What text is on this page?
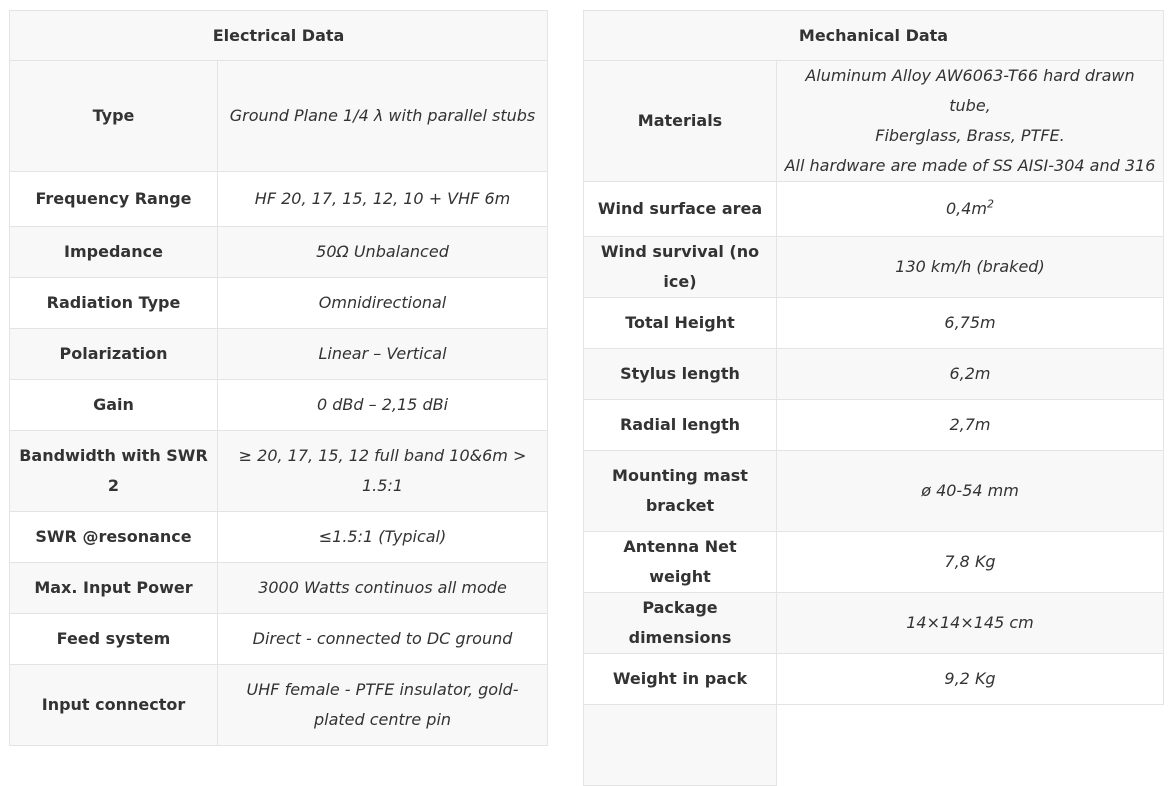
Electrical Data	
Type	Ground Plane 1/4 λ with parallel stubs
Frequency Range	HF 20, 17, 15, 12, 10 + VHF 6m
Impedance	50Ω Unbalanced
Radiation Type	Omnidirectional
Polarization	Linear – Vertical
Gain	0 dBd – 2,15 dBi
Bandwidth with SWR 2	≥ 20, 17, 15, 12 full band 10&6m > 1.5:1
SWR @resonance	≤1.5:1 (Typical)
Max. Input Power	3000 Watts continuos all mode
Feed system	Direct - connected to DC ground
Input connector	UHF female - PTFE insulator, gold-plated centre pin
Mechanical Data	
Materials	Aluminum Alloy AW6063-T66 hard drawn tube,
Fiberglass, Brass, PTFE.
All hardware are made of SS AISI-304 and 316

Wind surface area	$0,4m^2$
Wind survival (no ice)	130 km/h (braked)
Total Height	6,75m
Stylus length	6,2m
Radial length	2,7m
Mounting mast bracket	ø 40-54 mm
Antenna Net weight	7,8 Kg
Package dimensions	14×14×145 cm
Weight in pack	9,2 Kg
